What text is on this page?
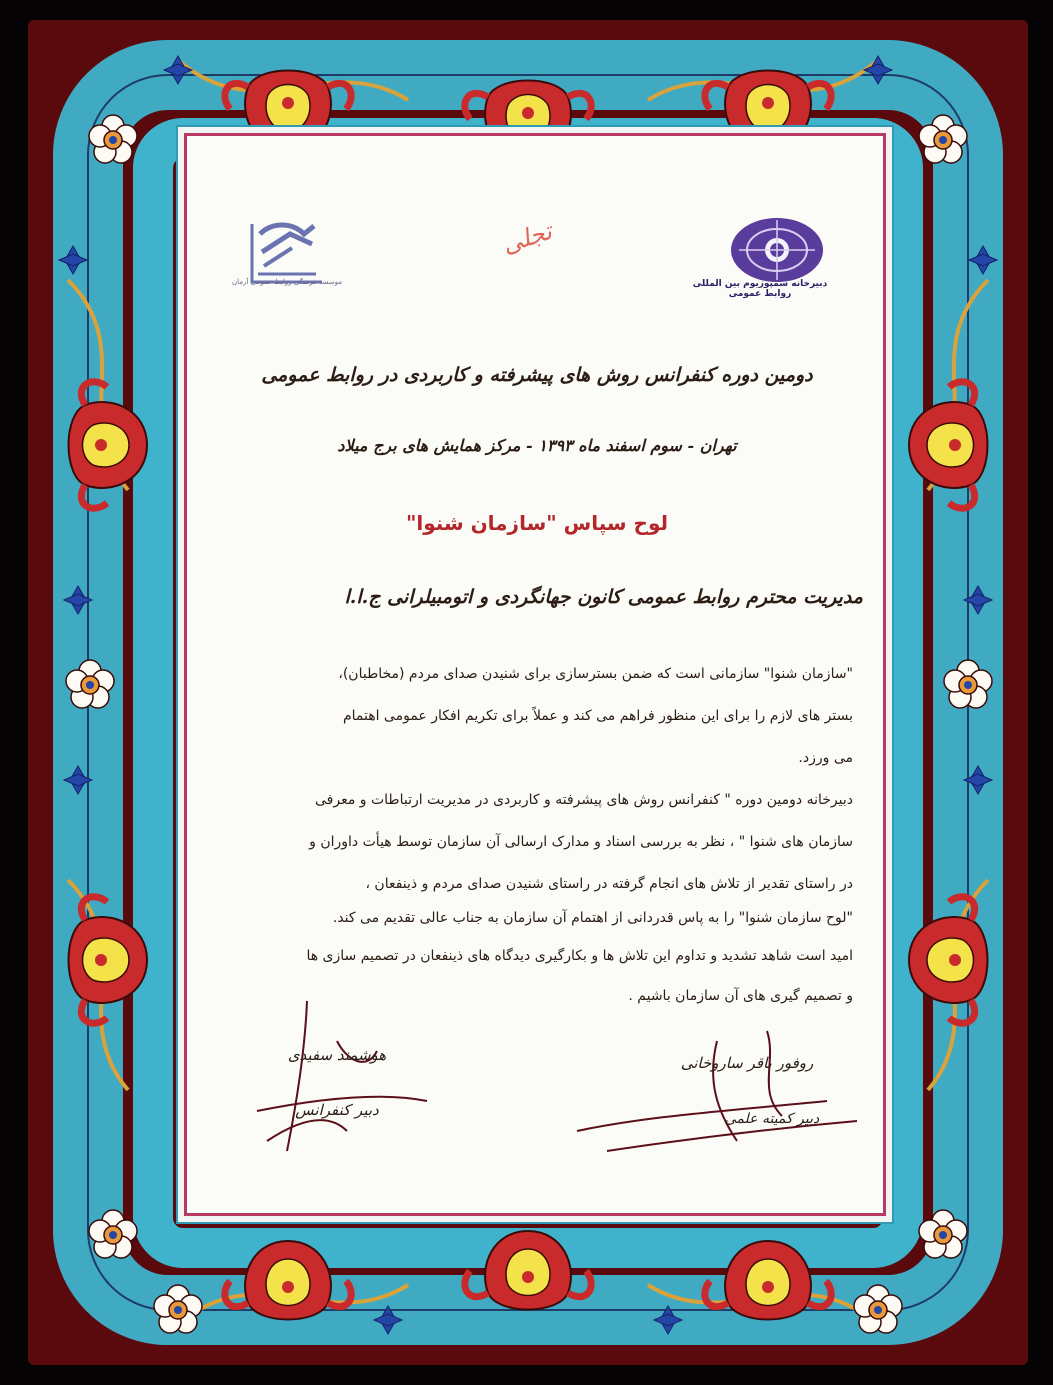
موسسه فرهنگی روابط عمومی آرمان
تجلی
دبیرخانه سمپوزیوم بین المللی روابط عمومی
دومین دوره کنفرانس روش های پیشرفته و کاربردی در روابط عمومی
تهران - سوم اسفند ماه ۱۳۹۳ - مرکز همایش های برج میلاد
لوح سپاس "سازمان شنوا"
مدیریت محترم روابط عمومی کانون جهانگردی و اتومبیلرانی ج.ا.ا
"سازمان شنوا" سازمانی است که ضمن بسترسازی برای شنیدن صدای مردم (مخاطبان)،
بستر های لازم را برای این منظور فراهم می کند و عملاً برای تکریم افکار عمومی اهتمام
می ورزد.
دبیرخانه دومین دوره " کنفرانس روش های پیشرفته و کاربردی در مدیریت ارتباطات و معرفی
سازمان های شنوا " ، نظر به بررسی اسناد و مدارک ارسالی آن سازمان توسط هیأت داوران و
در راستای تقدیر از تلاش های انجام گرفته در راستای شنیدن صدای مردم و ذینفعان ،
"لوح سازمان شنوا" را به پاس قدردانی از اهتمام آن سازمان به جناب عالی تقدیم می کند.
امید است شاهد تشدید و تداوم این تلاش ها و بکارگیری دیدگاه های ذینفعان در تصمیم سازی ها
و تصمیم گیری های آن سازمان باشیم .
هوشمند سفیدی
دبیر کنفرانس
روفور باقر ساروخانی
دبیر کمیته علمی
